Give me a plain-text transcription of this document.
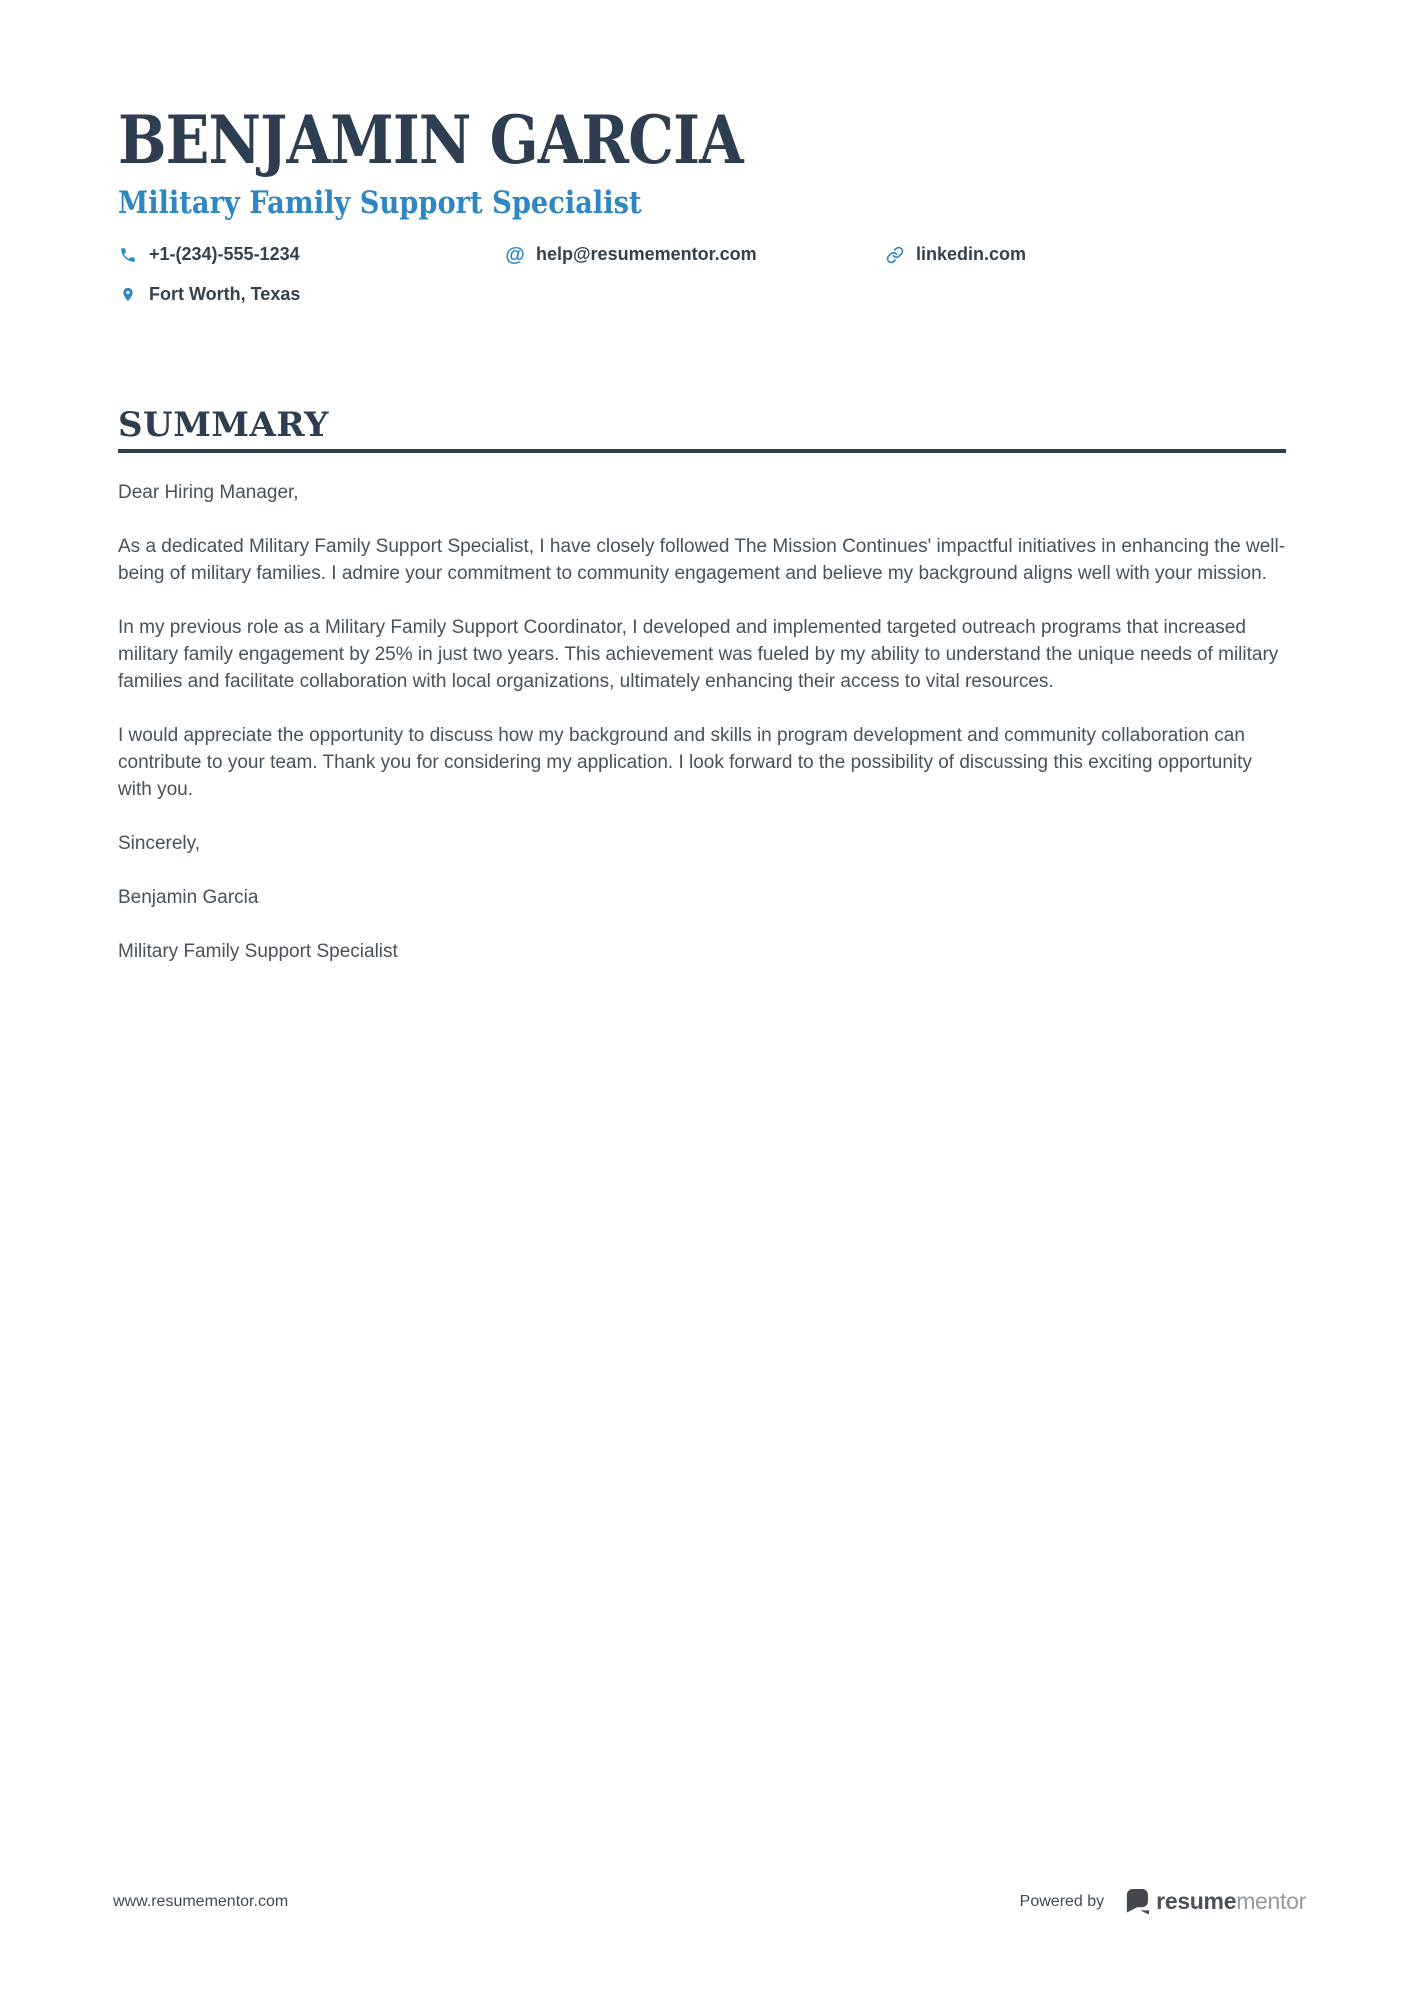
BENJAMIN GARCIA
Military Family Support Specialist
+1-(234)-555-1234	@ help@resumementor.com	linkedin.com
Fort Worth, Texas
SUMMARY

Dear Hiring Manager,

As a dedicated Military Family Support Specialist, I have closely followed The Mission Continues' impactful initiatives in enhancing the well-being of military families. I admire your commitment to community engagement and believe my background aligns well with your mission.

In my previous role as a Military Family Support Coordinator, I developed and implemented targeted outreach programs that increased military family engagement by 25% in just two years. This achievement was fueled by my ability to understand the unique needs of military families and facilitate collaboration with local organizations, ultimately enhancing their access to vital resources.

I would appreciate the opportunity to discuss how my background and skills in program development and community collaboration can contribute to your team. Thank you for considering my application. I look forward to the possibility of discussing this exciting opportunity with you.

Sincerely,

Benjamin Garcia

Military Family Support Specialist

www.resumementor.com	Powered by resumementor
